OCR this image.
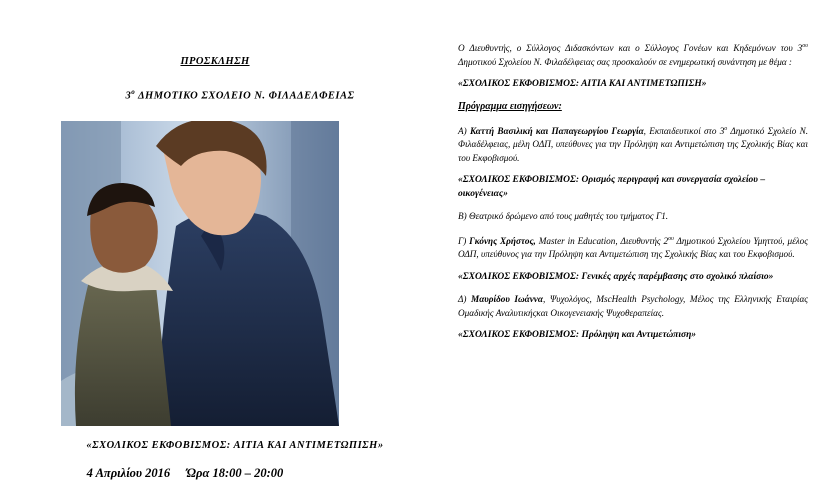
ΠΡΟΣΚΛΗΣΗ
$3^o$ ΔΗΜΟΤΙΚΟ ΣΧΟΛΕΙΟ Ν. ΦΙΛΑΔΕΛΦΕΙΑΣ
«ΣΧΟΛΙΚΟΣ ΕΚΦΟΒΙΣΜΟΣ: ΑΙΤΙΑ ΚΑΙ ΑΝΤΙΜΕΤΩΠΙΣΗ»
4 Απριλίου 2016 Ώρα 18:00 – 20:00

Ο Διευθυντής, ο Σύλλογος Διδασκόντων και ο Σύλλογος Γονέων και Κηδεμόνων του $3^{o\upsilon}$ Δημοτικού Σχολείου Ν. Φιλαδέλφειας σας προσκαλούν σε ενημερωτική συνάντηση με θέμα :

«ΣΧΟΛΙΚΟΣ ΕΚΦΟΒΙΣΜΟΣ: ΑΙΤΙΑ ΚΑΙ ΑΝΤΙΜΕΤΩΠΙΣΗ»

Πρόγραμμα εισηγήσεων:

Α) Καττή Βασιλική και Παπαγεωργίου Γεωργία, Εκπαιδευτικοί στο $3^o$ Δημοτικό Σχολείο Ν. Φιλαδέλφειας, μέλη ΟΔΠ, υπεύθυνες για την Πρόληψη και Αντιμετώπιση της Σχολικής Βίας και του Εκφοβισμού.

«ΣΧΟΛΙΚΟΣ ΕΚΦΟΒΙΣΜΟΣ: Ορισμός περιγραφή και συνεργασία σχολείου – οικογένειας»

Β) Θεατρικό δρώμενο από τους μαθητές του τμήματος Γ1.

Γ) Γκόνης Χρήστος, Master in Education, Διευθυντής $2^{o\upsilon}$ Δημοτικού Σχολείου Υμηττού, μέλος ΟΔΠ, υπεύθυνος για την Πρόληψη και Αντιμετώπιση της Σχολικής Βίας και του Εκφοβισμού.

«ΣΧΟΛΙΚΟΣ ΕΚΦΟΒΙΣΜΟΣ: Γενικές αρχές παρέμβασης στο σχολικό πλαίσιο»

Δ) Μαυρίδου Ιωάννα, Ψυχολόγος, MscHealth Psychology, Μέλος της Ελληνικής Εταιρίας Ομαδικής Αναλυτικήςκαι Οικογενειακής Ψυχοθεραπείας.

«ΣΧΟΛΙΚΟΣ ΕΚΦΟΒΙΣΜΟΣ: Πρόληψη και Αντιμετώπιση»
